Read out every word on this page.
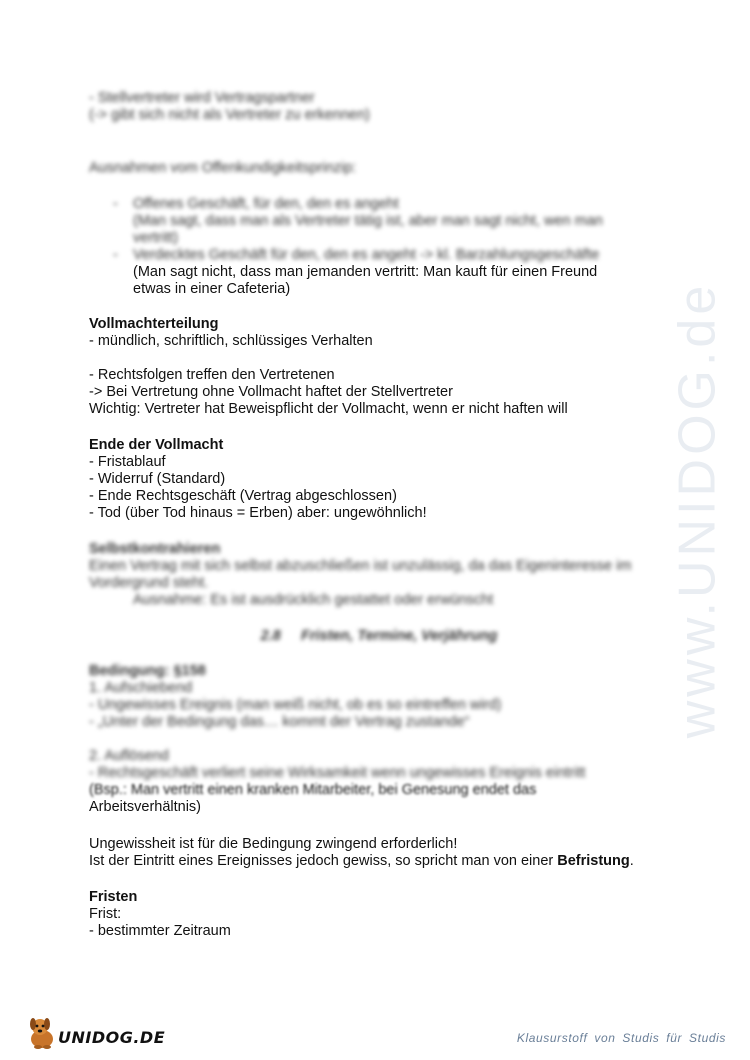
www.UNIDOG.de
- Stellvertreter wird Vertragspartner
(-> gibt sich nicht als Vertreter zu erkennen)
Ausnahmen vom Offenkundigkeitsprinzip:
- Offenes Geschäft, für den, den es angeht
(Man sagt, dass man als Vertreter tätig ist, aber man sagt nicht, wen man
vertritt)
- Verdecktes Geschäft für den, den es angeht -> kl. Barzahlungsgeschäfte
(Man sagt nicht, dass man jemanden vertritt: Man kauft für einen Freund
etwas in einer Cafeteria)
Vollmachterteilung
- mündlich, schriftlich, schlüssiges Verhalten
- Rechtsfolgen treffen den Vertretenen
-> Bei Vertretung ohne Vollmacht haftet der Stellvertreter
Wichtig: Vertreter hat Beweispflicht der Vollmacht, wenn er nicht haften will
Ende der Vollmacht
- Fristablauf
- Widerruf (Standard)
- Ende Rechtsgeschäft (Vertrag abgeschlossen)
- Tod (über Tod hinaus = Erben) aber: ungewöhnlich!
Selbstkontrahieren
Einen Vertrag mit sich selbst abzuschließen ist unzulässig, da das Eigeninteresse im
Vordergrund steht.
Ausnahme: Es ist ausdrücklich gestattet oder erwünscht
2.8 Fristen, Termine, Verjährung
Bedingung: §158
1. Aufschiebend
- Ungewisses Ereignis (man weiß nicht, ob es so eintreffen wird)
- „Unter der Bedingung das… kommt der Vertrag zustande“
2. Auflösend
- Rechtsgeschäft verliert seine Wirksamkeit wenn ungewisses Ereignis eintritt
(Bsp.: Man vertritt einen kranken Mitarbeiter, bei Genesung endet das
Arbeitsverhältnis)
Ungewissheit ist für die Bedingung zwingend erforderlich!
Ist der Eintritt eines Ereignisses jedoch gewiss, so spricht man von einer Befristung.
Fristen
Frist:
- bestimmter Zeitraum
UNIDOG.DE	Klausurstoff von Studis für Studis
